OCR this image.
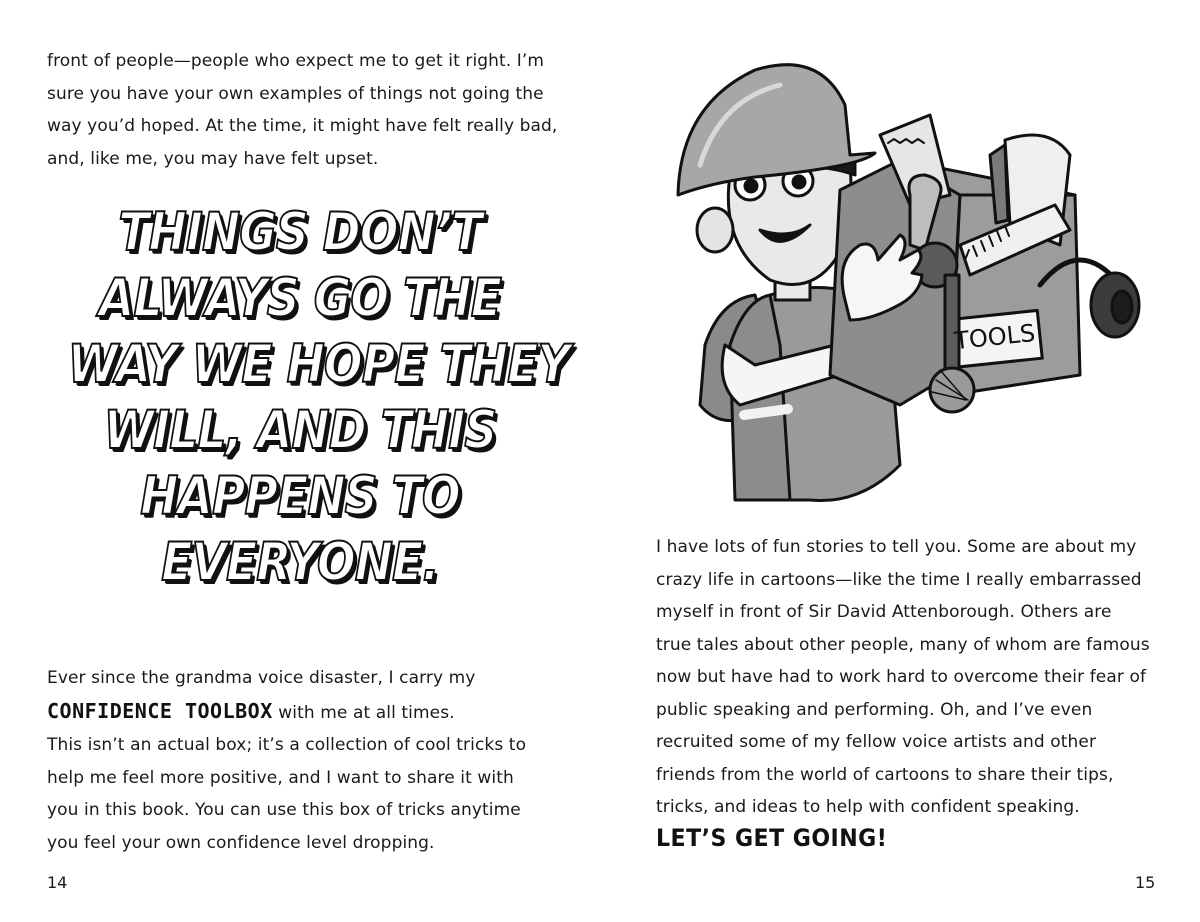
front of people—people who expect me to get it right. I’m
sure you have your own examples of things not going the
way you’d hoped. At the time, it might have felt really bad,
and, like me, you may have felt upset.

THINGS DON’T
ALWAYS GO THE
WAY WE HOPE THEY
WILL, AND THIS
HAPPENS TO
EVERYONE.

Ever since the grandma voice disaster, I carry my
CONFIDENCE TOOLBOX with me at all times.
This isn’t an actual box; it’s a collection of cool tricks to
help me feel more positive, and I want to share it with
you in this book. You can use this box of tricks anytime
you feel your own confidence level dropping.

14
TOOLS

I have lots of fun stories to tell you. Some are about my
crazy life in cartoons—like the time I really embarrassed
myself in front of Sir David Attenborough. Others are
true tales about other people, many of whom are famous
now but have had to work hard to overcome their fear of
public speaking and performing. Oh, and I’ve even
recruited some of my fellow voice artists and other
friends from the world of cartoons to share their tips,
tricks, and ideas to help with confident speaking.

LET’S GET GOING!

15
